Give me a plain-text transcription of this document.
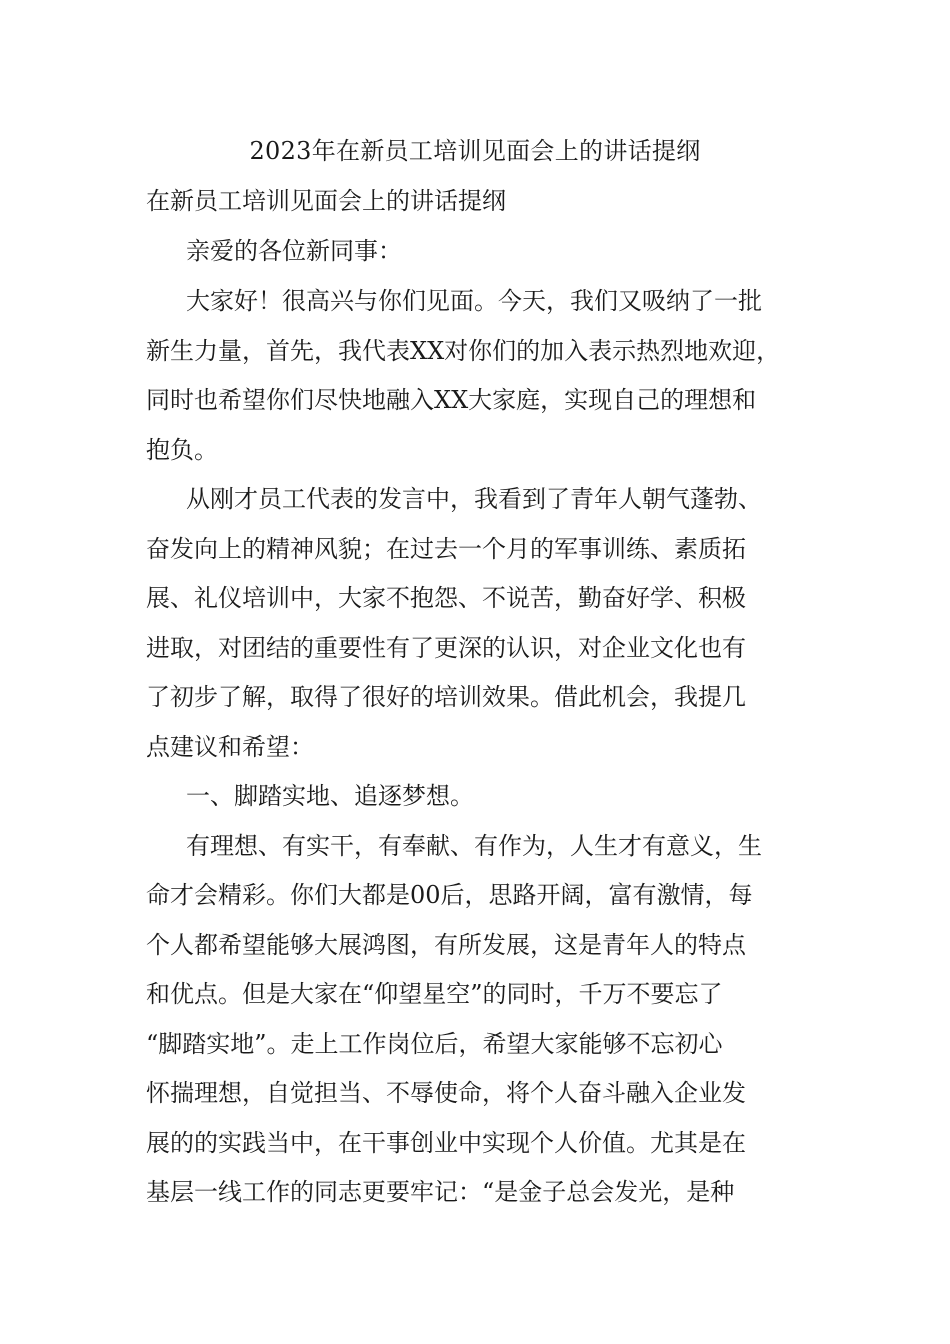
2023年在新员工培训见面会上的讲话提纲
在新员工培训见面会上的讲话提纲
亲爱的各位新同事：
大家好！很高兴与你们见面。今天，我们又吸纳了一批
新生力量，首先，我代表XX对你们的加入表示热烈地欢迎，
同时也希望你们尽快地融入XX大家庭，实现自己的理想和
抱负。
从刚才员工代表的发言中，我看到了青年人朝气蓬勃、
奋发向上的精神风貌；在过去一个月的军事训练、素质拓
展、礼仪培训中，大家不抱怨、不说苦，勤奋好学、积极
进取，对团结的重要性有了更深的认识，对企业文化也有
了初步了解，取得了很好的培训效果。借此机会，我提几
点建议和希望：
一、脚踏实地、追逐梦想。
有理想、有实干，有奉献、有作为，人生才有意义，生
命才会精彩。你们大都是00后，思路开阔，富有激情，每
个人都希望能够大展鸿图，有所发展，这是青年人的特点
和优点。但是大家在“仰望星空”的同时，千万不要忘了
“脚踏实地”。走上工作岗位后，希望大家能够不忘初心
怀揣理想，自觉担当、不辱使命，将个人奋斗融入企业发
展的的实践当中，在干事创业中实现个人价值。尤其是在
基层一线工作的同志更要牢记：“是金子总会发光，是种
